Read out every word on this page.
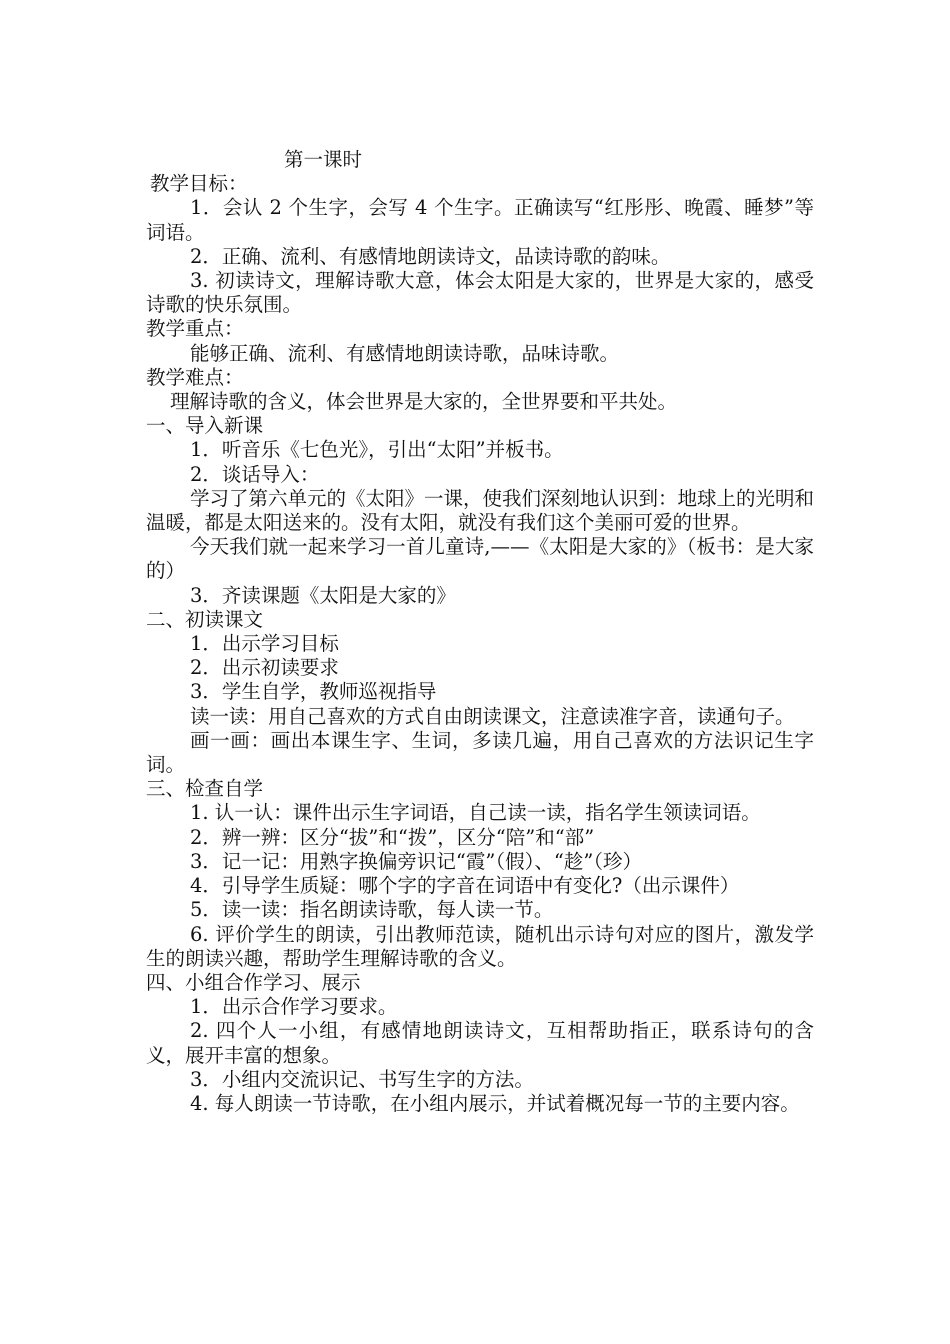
第一课时

教学目标：

1．会认 2 个生字，会写 4 个生字。正确读写“红彤彤、晚霞、睡梦”等词语。

2．正确、流利、有感情地朗读诗文，品读诗歌的韵味。

3. 初读诗文，理解诗歌大意，体会太阳是大家的，世界是大家的，感受诗歌的快乐氛围。

教学重点：

能够正确、流利、有感情地朗读诗歌，品味诗歌。

教学难点：

理解诗歌的含义，体会世界是大家的，全世界要和平共处。

一、导入新课

1．听音乐《七色光》，引出“太阳”并板书。

2．谈话导入：

学习了第六单元的《太阳》一课，使我们深刻地认识到：地球上的光明和温暖，都是太阳送来的。没有太阳，就没有我们这个美丽可爱的世界。

今天我们就一起来学习一首儿童诗,——《太阳是大家的》（板书：是大家的）

3．齐读课题《太阳是大家的》

二、初读课文

1．出示学习目标

2．出示初读要求

3．学生自学，教师巡视指导

读一读：用自己喜欢的方式自由朗读课文，注意读准字音，读通句子。

画一画：画出本课生字、生词，多读几遍，用自己喜欢的方法识记生字词。

三、检查自学

1. 认一认：课件出示生字词语，自己读一读，指名学生领读词语。

2．辨一辨：区分“拔”和“拨”，区分“陪”和“部”

3．记一记：用熟字换偏旁识记“霞”（假）、“趁”（珍）

4．引导学生质疑：哪个字的字音在词语中有变化?（出示课件）

5．读一读：指名朗读诗歌，每人读一节。

6. 评价学生的朗读，引出教师范读，随机出示诗句对应的图片，激发学生的朗读兴趣，帮助学生理解诗歌的含义。

四、小组合作学习、展示

1．出示合作学习要求。

2. 四个人一小组，有感情地朗读诗文，互相帮助指正，联系诗句的含义，展开丰富的想象。

3．小组内交流识记、书写生字的方法。

4. 每人朗读一节诗歌，在小组内展示，并试着概况每一节的主要内容。
